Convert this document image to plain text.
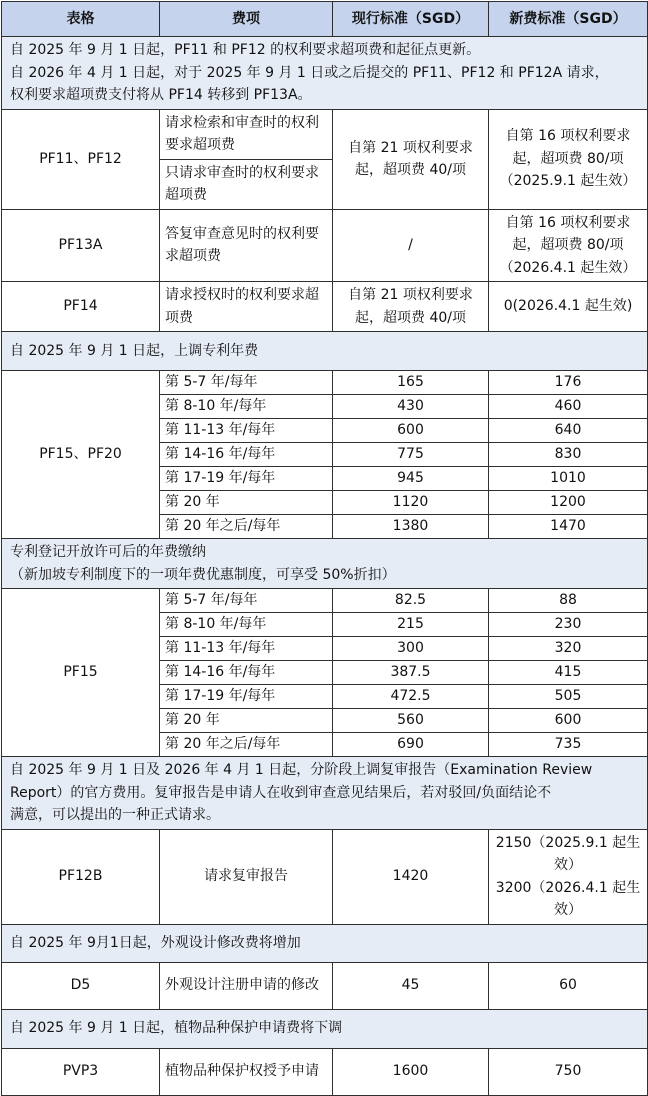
表格	费项	现行标准（SGD）	新费标准（SGD）

自 2025 年 9 月 1 日起，PF11 和 PF12 的权利要求超项费和起征点更新。
自 2026 年 4 月 1 日起，对于 2025 年 9 月 1 日或之后提交的 PF11、PF12 和 PF12A 请求，
权利要求超项费支付将从 PF14 转移到 PF13A。			

PF11、PF12	请求检索和审查时的权利要求超项费	自第 21 项权利要求起，超项费 40/项	自第 16 项权利要求起，超项费 80/项（2025.9.1 起生效）
	只请求审查时的权利要求超项费		
PF13A	答复审查意见时的权利要求超项费	/	自第 16 项权利要求起，超项费 80/项（2026.4.1 起生效）
PF14	请求授权时的权利要求超项费	自第 21 项权利要求起，超项费 40/项	0(2026.4.1 起生效)
自 2025 年 9 月 1 日起，上调专利年费			
PF15、PF20	第 5-7 年/每年	165	176
	第 8-10 年/每年	430	460
	第 11-13 年/每年	600	640
	第 14-16 年/每年	775	830
	第 17-19 年/每年	945	1010
	第 20 年	1120	1200
	第 20 年之后/每年	1380	1470

专利登记开放许可后的年费缴纳
（新加坡专利制度下的一项年费优惠制度，可享受 50%折扣）			

PF15	第 5-7 年/每年	82.5	88
	第 8-10 年/每年	215	230
	第 11-13 年/每年	300	320
	第 14-16 年/每年	387.5	415
	第 17-19 年/每年	472.5	505
	第 20 年	560	600
	第 20 年之后/每年	690	735

自 2025 年 9 月 1 日及 2026 年 4 月 1 日起，分阶段上调复审报告（Examination Review
Report）的官方费用。复审报告是申请人在收到审查意见结果后，若对驳回/负面结论不
满意，可以提出的一种正式请求。			

PF12B	请求复审报告	1420	2150（2025.9.1 起生效）
3200（2026.4.1 起生效）

自 2025 年 9月1日起，外观设计修改费将增加			
D5	外观设计注册申请的修改	45	60
自 2025 年 9 月 1 日起，植物品种保护申请费将下调			
PVP3	植物品种保护权授予申请	1600	750
